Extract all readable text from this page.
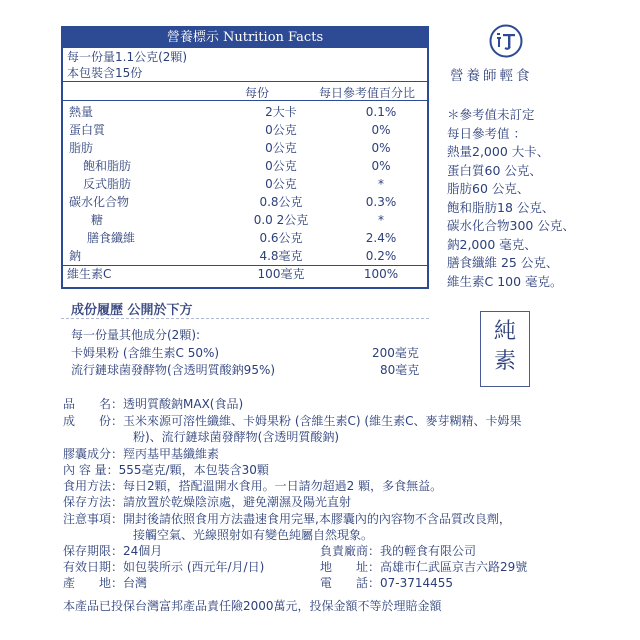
營養標示 Nutrition Facts
每一份量1.1公克(2顆)
本包裝含15份
每份	每日參考值百分比
熱量	2大卡	0.1%
蛋白質	0公克	0%
脂肪	0公克	0%
飽和脂肪	0公克	0%
反式脂肪	0公克	*
碳水化合物	0.8公克	0.3%
糖	0.0 2公克	*
膳食纖維	0.6公克	2.4%
鈉	4.8毫克	0.2%
維生素C	100毫克	100%
營養師輕食
＊參考值未訂定
每日參考值 ：
熱量2,000 大卡、
蛋白質60 公克、
脂肪60 公克、
飽和脂肪18 公克、
碳水化合物300 公克、
鈉2,000 毫克、
膳食纖維 25 公克、
維生素C 100 毫克。
成份履歷 公開於下方
每一份量其他成分(2顆):
卡姆果粉 (含維生素C 50%)	200毫克
流行鏈球菌發酵物(含透明質酸鈉95%)	80毫克
純
素
品　　名：透明質酸鈉MAX(食品)
成　　份：玉米來源可溶性纖維、卡姆果粉 (含維生素C) (維生素C、麥芽糊精、卡姆果
粉)、流行鏈球菌發酵物(含透明質酸鈉)
膠囊成分：羥丙基甲基纖維素
內 容 量：555毫克/顆，本包裝含30顆
食用方法：每日2顆，搭配溫開水食用。一日請勿超過2 顆，多食無益。
保存方法：請放置於乾燥陰涼處，避免潮濕及陽光直射
注意事項：開封後請依照食用方法盡速食用完畢,本膠囊內的內容物不含品質改良劑，
接觸空氣、光線照射如有變色純屬自然現象。
保存期限：24個月
有效日期：如包裝所示 (西元年/月/日)
產　　地：台灣
負責廠商：我的輕食有限公司
地　　址：高雄市仁武區京吉六路29號
電　　話：07-3714455
本產品已投保台灣富邦產品責任險2000萬元，投保金額不等於理賠金額
